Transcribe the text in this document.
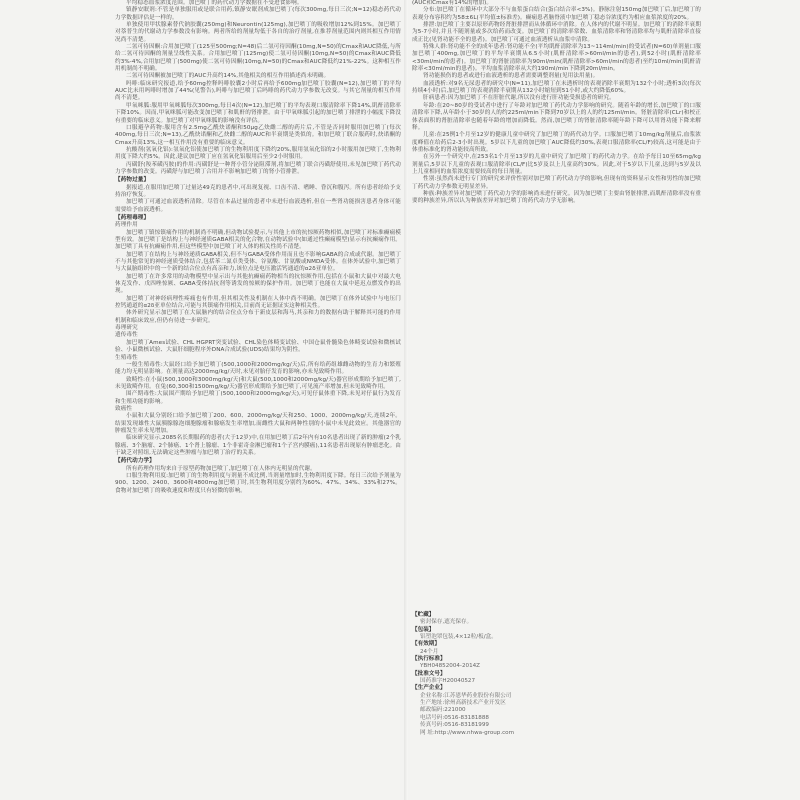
平均稳态血浆浓度范围。加巴喷丁的药代动力学数据在不受进食影响。

镇静安眠剂:不管是单独服用或是联合用药,镇静安眠剂成加巴喷丁(每次300mg,每日三次;N=12)稳态药代动力学数据评估是一样的。

单独使用甲状腺素替代钠胶囊(250mg)和Neurontin(125mg),加巴喷丁的吸收增加12%到15%。加巴喷丁对萘普生的代谢动力学参数没有影响。两者所给的剂量均低于各自的治疗剂量,在推荐剂量范围内则其相互作用情况尚不清楚。

二氢可待因酮:合用加巴喷丁(125至500mg;N=48)后二氢可待因酮(10mg,N=50)的Cmax和AUC降低,与所给二氢可待因酮的剂量呈线性关系。合用加巴喷丁(125mg)使二氢可待因酮(10mg,N=50)的Cmax和AUC降低约3%-4%,合用加巴喷丁(500mg)使二氢可待因酮(10mg,N=50)的Cmax和AUC降低约21%-22%。这种相互作用机制尚不明确。

二氢可待因酮被加巴喷丁的AUC升高约14%,其他相关的相互作用描述尚未明确。

吗啡:临床研究报道,给予60mg控释吗啡胶囊2小时后再给予600mg加巴喷丁胶囊(N=12),加巴喷丁的平均AUC比未用吗啡时增加了44%(见警告),吗啡与加巴喷丁后吗啡的药代动力学参数无改变。与其它剂量的相互作用尚不清楚。

甲氧咪胍:服用甲氧咪胍每次300mg,每日4次(N=12),加巴喷丁的平均表观口服清除率下降14%,肌酐清除率下降10%。因而,甲氧咪胍可能改变加巴喷丁和肌酐的肾排泄。由于甲氧咪胍引起的加巴喷丁排泄的小幅度下降没有重要的临床意义。加巴喷丁对甲氧咪胍的影响没有评估。

口服避孕药物:服用含有2.5mg乙酰炔诺酮和50μg乙炔雌二醇的药片后,不管是否同时服用加巴喷丁(每次400mg,每日三次;N=13),乙酰炔诺酮和乙炔雌二醇的AUC和半衰期是类似的。和加巴喷丁联合服药时,炔诺酮的Cmax升高13%,这一相互作用没有重要的临床意义。

抗酸剂(氢氧化铝):氢氧化铝使加巴喷丁的生物利用度下降约20%,服用氢氧化铝的2小时服用加巴喷丁,生物利用度下降大约5%。因此,建议加巴喷丁应在氢氧化铝服用后至少2小时服用。

丙磺舒(羧苯磺丙胺)的作用:丙磺舒是一种肾小管分泌阻滞剂,将加巴喷丁联合丙磺舒使用,未见加巴喷丁药代动力学参数的改变。丙磺舒与加巴喷丁合用并不影响加巴喷丁的肾小管排泄。

【药物过量】

据报道,在服用加巴喷丁过量达49克的患者中,可出现复视、口齿不清、嗜睡、昏沉和腹泻。所有患者经给予支持治疗恢复。

加巴喷丁可通过血液透析清除。尽管在本品过量的患者中未进行血液透析,但在一些肾功能损害患者身体可能需要给予血液透析。

【药理毒理】

药理作用

加巴喷丁镇惊镇痛作用的机制尚不明确,但动物试验提示,与其他上市的抗惊厥药物相似,加巴喷丁对标准癫痫模型有效。加巴喷丁是结构上与神经递质GABA相关的化合物,在动物试验中(如通过性癫痫模型)显示有抗癫痫作用。加巴喷丁具有抗癫痫作用,但这些模型中加巴喷丁对人体的相关性尚不清楚。

加巴喷丁在结构上与神经递质GABA相关,但不与GABA受体作用而且也不影响GABA的合成或代谢。加巴喷丁不与其他常见的神经递质受体结合,包括苯二氮卓类受体、谷氨酸、甘氨酸或NMDA受体。在体外试验中,加巴喷丁与大鼠脑组织中的一个新的结合位点有高亲和力,该位点是电压激活钙通道的α2δ亚单位。

加巴喷丁在许多常用的动物模型中显示出与其他抗癫痫药物相当的抗惊厥作用,包括在小鼠和大鼠中对最大电休克发作、戊四唑惊厥、GABA受体拮抗剂等诱发的惊厥的保护作用。加巴喷丁也能在大鼠中延迟点燃发作的出现。

加巴喷丁对神经病理性疼痛也有作用,但其相关性及机制在人体中尚不明确。加巴喷丁在体外试验中与电压门控钙通道的α2δ亚单位结合,可能与其镇痛作用相关,目前尚无证据证实这种相关性。

体外研究显示加巴喷丁在大鼠脑内的结合位点分布于新皮层和海马,其亲和力的数据有助于解释其可能的作用机制和临床效应,但仍有待进一步研究。

毒理研究

遗传毒性

加巴喷丁Ames试验、CHL HGPRT突变试验、CHL染色体畸变试验、中国仓鼠骨髓染色体畸变试验和微核试验、小鼠微核试验、大鼠肝细胞程序外DNA合成试验(UDS)结果均为阴性。

生殖毒性

一般生殖毒性:大鼠经口给予加巴喷丁(500,1000和2000mg/kg/天)后,所有给药组雄雌动物的生育力和繁殖能力均无明显影响。在剂量高达2000mg/kg/天时,未见对胎仔发育的影响,亦未见致畸作用。

致畸性:在小鼠(500,1000和3000mg/kg/天)和大鼠(500,1000和2000mg/kg/天)器官形成期给予加巴喷丁,未见致畸作用。在兔(60,300和1500mg/kg/天)器官形成期给予加巴喷丁,可见流产率增加,但未见致畸作用。

围产期毒性:大鼠围产期给予加巴喷丁(500,1000和2000mg/kg/天),可见仔鼠体重下降,未见对仔鼠行为发育和生殖功能的影响。

致癌性

小鼠和大鼠分别经口给予加巴喷丁200、600、2000mg/kg/天和250、1000、2000mg/kg/天,连续2年。结果发现雄性大鼠胰腺腺泡细胞腺瘤和腺癌发生率增加,而雌性大鼠和两种性别的小鼠中未见此效应。其他器官的肿瘤发生率未见增加。

临床研究显示,2085名长期服药的患者(大于12岁)中,在用加巴喷丁后2年内有10名患者出现了新的肿瘤(2个乳腺癌、3个脑瘤、2个肺癌、1个肾上腺瘤、1个非霍奇金淋巴瘤和1个子宫内膜癌),11名患者出现原有肿瘤恶化。由于缺乏对照组,无法确定这些肿瘤与加巴喷丁治疗的关系。

【药代动力学】

所有药理作用均来自于原型药物加巴喷丁,加巴喷丁在人体内无明显的代谢。

口服生物利用度:加巴喷丁的生物利用度与剂量不成比例,当剂量增加时,生物利用度下降。每日三次给予剂量为900、1200、2400、3600和4800mg加巴喷丁时,其生物利用度分别约为60%、47%、34%、33%和27%。食物对加巴喷丁的吸收速度和程度只有轻微的影响。

(AUC和Cmax有14%的增加)。

分布:加巴喷丁在循环中大部分不与血浆蛋白结合(蛋白结合率<3%)。静脉注射150mg加巴喷丁后,加巴喷丁的表观分布容积约为58±6L(平均值±标准差)。癫痫患者脑脊液中加巴喷丁稳态谷浓度约为相应血浆浓度的20%。

排泄:加巴喷丁主要以原形药物经肾脏排泄而从体循环中消除。在人体内的代谢不明显。加巴喷丁的消除半衰期为5-7小时,并且不随剂量或多次给药而改变。加巴喷丁的清除率常数、血浆清除率和肾清除率均与肌酐清除率直接成正比(见肾功能不全的患者)。加巴喷丁可通过血液透析从血浆中清除。

特殊人群:肾功能不全的成年患者:肾功能不全(平均肌酐清除率为13~114ml/min)的受试者(N=60)单剂量口服加巴喷丁400mg,加巴喷丁的平均半衰期从6.5小时(肌酐清除率>60ml/min的患者),到52小时(肌酐清除率<30ml/min的患者)。加巴喷丁的肾脏清除率为90ml/min(肌酐清除率>60ml/min的患者)至约10ml/min(肌酐清除率<30ml/min的患者)。平均血浆清除率从大约190ml/min下降到20ml/min。

肾功能损伤的患者或进行血液透析的患者需要调整剂量(见用法用量)。

血液透析:对9名无尿患者的研究中(N=11),加巴喷丁在未透析时的表观消除半衰期为132个小时;透析3次(每次持续4小时)后,加巴喷丁的表观消除半衰期从132小时缩短到51小时,或大约降低60%。

肝病患者:因为加巴喷丁不在肝脏代谢,所以没有进行肝功能受损患者的研究。

年龄:在20~80岁的受试者中进行了年龄对加巴喷丁药代动力学影响的研究。随着年龄的增长,加巴喷丁的口服清除率下降,从年龄小于30岁的人的约225ml/min下降到70岁以上的人的约125ml/min。肾脏清除率(CLr)和校正体表面积的肾脏清除率也随着年龄的增加而降低。然而,加巴喷丁的肾脏清除率随年龄下降可以用肾功能下降来解释。

儿童:在25例1个月至12岁的健康儿童中研究了加巴喷丁的药代动力学。口服加巴喷丁10mg/kg剂量后,血浆浓度峰值在给药后2-3小时出现。5岁以下儿童的加巴喷丁AUC降低约30%,表观口服清除率(CL/F)较高,这可能是由于体重标准化的肾功能较高所致。

在另外一个研究中,在253名1个月至13岁的儿童中研究了加巴喷丁的药代动力学。在给予每日10至65mg/kg剂量后,5岁以下儿童的表观口服清除率(CL/F)比5岁及以上儿童高约30%。因此,对于5岁以下儿童,达到与5岁及以上儿童相同的血浆浓度需要较高的每日剂量。

性别:虽然尚未进行专门的研究来评价性别对加巴喷丁药代动力学的影响,但现有的资料显示女性和男性的加巴喷丁药代动力学参数无明显差异。

种族:种族差异对加巴喷丁药代动力学的影响尚未进行研究。因为加巴喷丁主要由肾脏排泄,而肌酐清除率没有重要的种族差异,所以认为种族差异对加巴喷丁的药代动力学无影响。

【贮藏】

密封保存,遮光保存。

【包装】

铝塑泡罩包装,4×12粒/板/盒。

【有效期】

24个月

【执行标准】

YBH04852004-2014Z

【批准文号】

国药准字H20040527

【生产企业】

企业名称:江苏恩华药业股份有限公司

生产地址:徐州高新技术产业开发区

邮政编码:221000

电话号码:0516-83181888

传真号码:0516-83181999

网 址:http://www.nhwa-group.com
